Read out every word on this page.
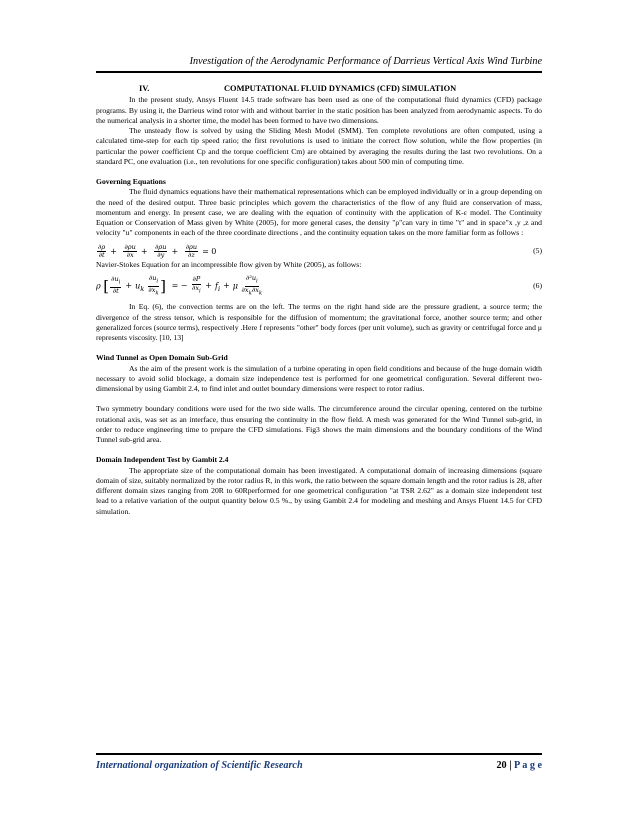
Investigation of the Aerodynamic Performance of Darrieus Vertical Axis Wind Turbine
IV.	COMPUTATIONAL FLUID DYNAMICS (CFD) SIMULATION

In the present study, Ansys Fluent 14.5 trade software has been used as one of the computational fluid dynamics (CFD) package programs. By using it, the Darrieus wind rotor with and without barrier in the static position has been analyzed from aerodynamic aspects. To do the numerical analysis in a shorter time, the model has been formed to have two dimensions.

The unsteady flow is solved by using the Sliding Mesh Model (SMM). Ten complete revolutions are often computed, using a calculated time-step for each tip speed ratio; the first revolutions is used to initiate the correct flow solution, while the flow properties (in particular the power coefficient Cp and the torque coefficient Cm) are obtained by averaging the results during the last two revolutions. On a standard PC, one evaluation (i.e., ten revolutions for one specific configuration) takes about 500 min of computing time.

Governing Equations

The fluid dynamics equations have their mathematical representations which can be employed individually or in a group depending on the need of the desired output. Three basic principles which govern the characteristics of the flow of any fluid are conservation of mass, momentum and energy. In present case, we are dealing with the equation of continuity with the application of K-ε model. The Continuity Equation or Conservation of Mass given by White (2005), for more general cases, the density "ρ"can vary in time "t" and in space"x ,y ,z and velocity "u" components in each of the three coordinate directions , and the continuity equation takes on the more familiar form as follows :

$\frac{\partial\rho}{\partial t} + \frac{\partial\rho u}{\partial x} + \frac{\partial\rho u}{\partial y} + \frac{\partial\rho u}{\partial z} = 0$	(5)

Navier-Stokes Equation for an incompressible flow given by White (2005), as follows:

ρ [ $\frac{\partial u_i}{\partial t} + u_k \frac{\partial u_i}{\partial x_k}$ ] = − $\frac{\partial P}{\partial x_i} + f_i + \mu \frac{\partial^2u_i}{\partial x_k\partial x_k}$	(6)

In Eq. (6), the convection terms are on the left. The terms on the right hand side are the pressure gradient, a source term; the divergence of the stress tensor, which is responsible for the diffusion of momentum; the gravitational force, another source term; and other generalized forces (source terms), respectively .Here f represents "other" body forces (per unit volume), such as gravity or centrifugal force and μ represents viscosity. [10, 13]

Wind Tunnel as Open Domain Sub-Grid

As the aim of the present work is the simulation of a turbine operating in open field conditions and because of the huge domain width necessary to avoid solid blockage, a domain size independence test is performed for one geometrical configuration. Several different two-dimensional by using Gambit 2.4, to find inlet and outlet boundary dimensions were respect to rotor radius.

Two symmetry boundary conditions were used for the two side walls. The circumference around the circular opening, centered on the turbine rotational axis, was set as an interface, thus ensuring the continuity in the flow field. A mesh was generated for the Wind Tunnel sub-grid, in order to reduce engineering time to prepare the CFD simulations. Fig3 shows the main dimensions and the boundary conditions of the Wind Tunnel sub-grid area.

Domain Independent Test by Gambit 2.4

The appropriate size of the computational domain has been investigated. A computational domain of increasing dimensions (square domain of size, suitably normalized by the rotor radius R, in this work, the ratio between the square domain length and the rotor radius is 28, after different domain sizes ranging from 20R to 60Rperformed for one geometrical configuration "at TSR 2.62" as a domain size independent test lead to a relative variation of the output quantity below 0.5 %., by using Gambit 2.4 for modeling and meshing and Ansys Fluent 14.5 for CFD simulation.

International organization of Scientific Research	20 | P a g e
